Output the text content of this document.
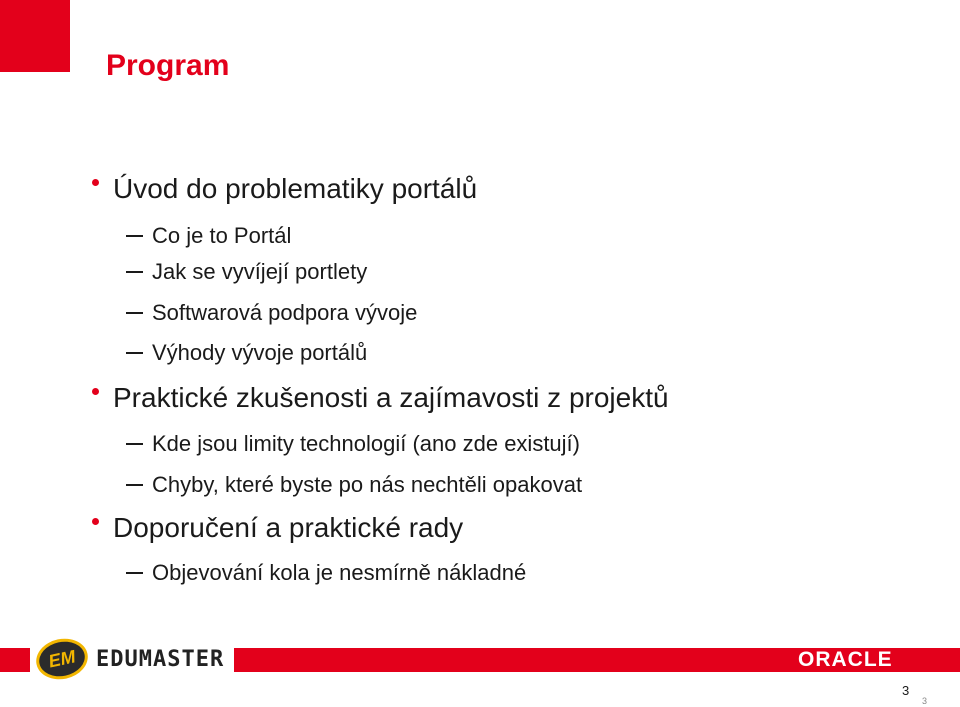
Program

Úvod do problematiky portálů

Co je to Portál

Jak se vyvíjejí portlety

Softwarová podpora vývoje

Výhody vývoje portálů

Praktické zkušenosti a zajímavosti z projektů

Kde jsou limity technologií (ano zde existují)

Chyby, které byste po nás nechtěli opakovat

Doporučení a praktické rady

Objevování kola je nesmírně nákladné

EM EDUMASTER	ORACLE
3
3
